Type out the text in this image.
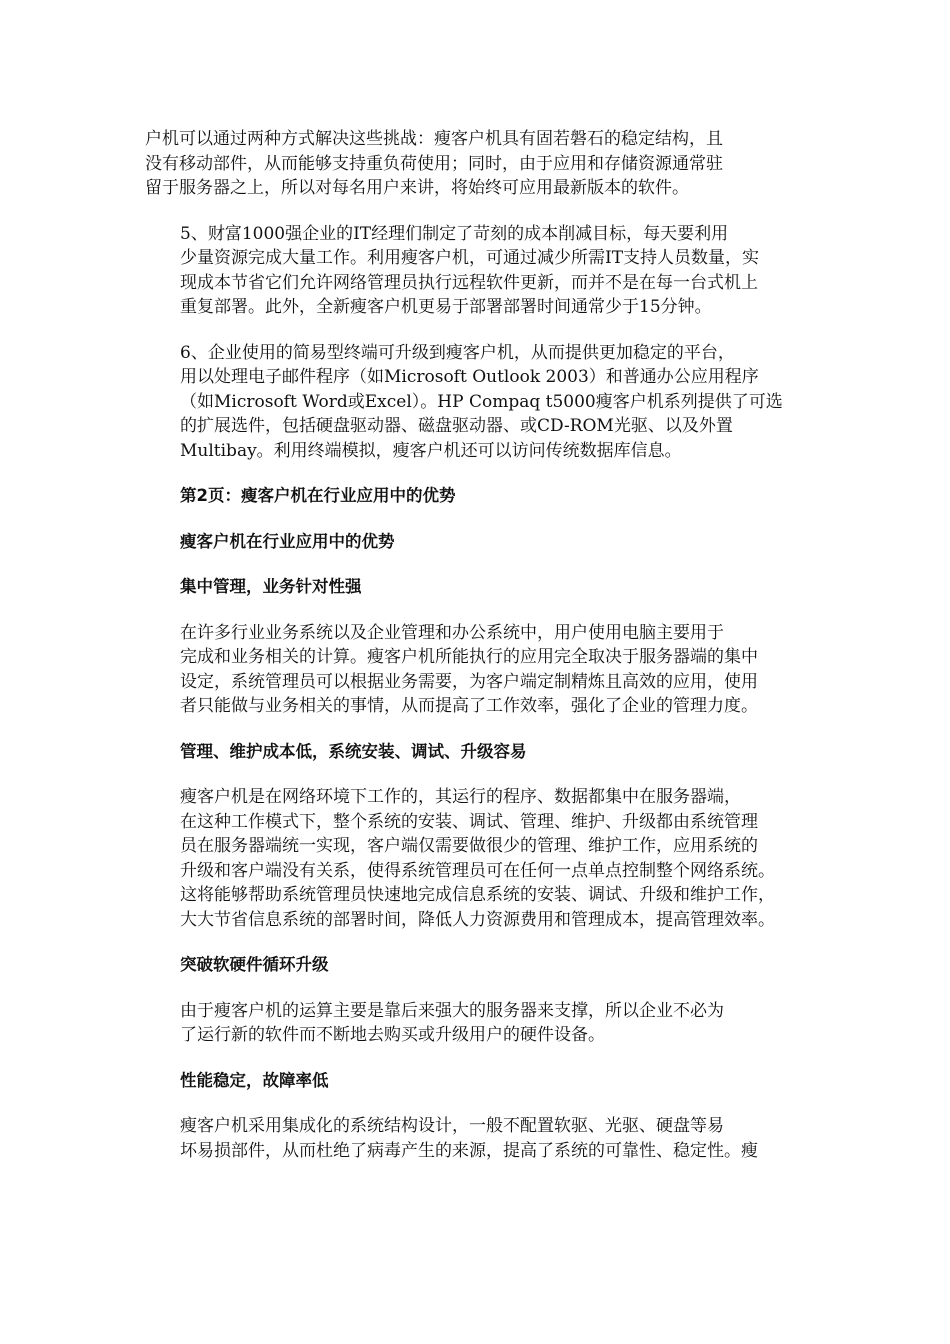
户机可以通过两种方式解决这些挑战：瘦客户机具有固若磐石的稳定结构，且
没有移动部件，从而能够支持重负荷使用；同时，由于应用和存储资源通常驻
留于服务器之上，所以对每名用户来讲，将始终可应用最新版本的软件。

5、财富1000强企业的IT经理们制定了苛刻的成本削减目标，每天要利用
少量资源完成大量工作。利用瘦客户机，可通过减少所需IT支持人员数量，实
现成本节省它们允许网络管理员执行远程软件更新，而并不是在每一台式机上
重复部署。此外，全新瘦客户机更易于部署部署时间通常少于15分钟。

6、企业使用的简易型终端可升级到瘦客户机，从而提供更加稳定的平台，
用以处理电子邮件程序（如Microsoft Outlook 2003）和普通办公应用程序
（如Microsoft Word或Excel）。HP Compaq t5000瘦客户机系列提供了可选
的扩展选件，包括硬盘驱动器、磁盘驱动器、或CD-ROM光驱、以及外置
Multibay。利用终端模拟，瘦客户机还可以访问传统数据库信息。

第2页：瘦客户机在行业应用中的优势

瘦客户机在行业应用中的优势

集中管理，业务针对性强

在许多行业业务系统以及企业管理和办公系统中，用户使用电脑主要用于
完成和业务相关的计算。瘦客户机所能执行的应用完全取决于服务器端的集中
设定，系统管理员可以根据业务需要，为客户端定制精炼且高效的应用，使用
者只能做与业务相关的事情，从而提高了工作效率，强化了企业的管理力度。

管理、维护成本低，系统安装、调试、升级容易

瘦客户机是在网络环境下工作的，其运行的程序、数据都集中在服务器端，
在这种工作模式下，整个系统的安装、调试、管理、维护、升级都由系统管理
员在服务器端统一实现，客户端仅需要做很少的管理、维护工作，应用系统的
升级和客户端没有关系，使得系统管理员可在任何一点单点控制整个网络系统。
这将能够帮助系统管理员快速地完成信息系统的安装、调试、升级和维护工作，
大大节省信息系统的部署时间，降低人力资源费用和管理成本，提高管理效率。

突破软硬件循环升级

由于瘦客户机的运算主要是靠后来强大的服务器来支撑，所以企业不必为
了运行新的软件而不断地去购买或升级用户的硬件设备。

性能稳定，故障率低

瘦客户机采用集成化的系统结构设计，一般不配置软驱、光驱、硬盘等易
坏易损部件，从而杜绝了病毒产生的来源，提高了系统的可靠性、稳定性。瘦
